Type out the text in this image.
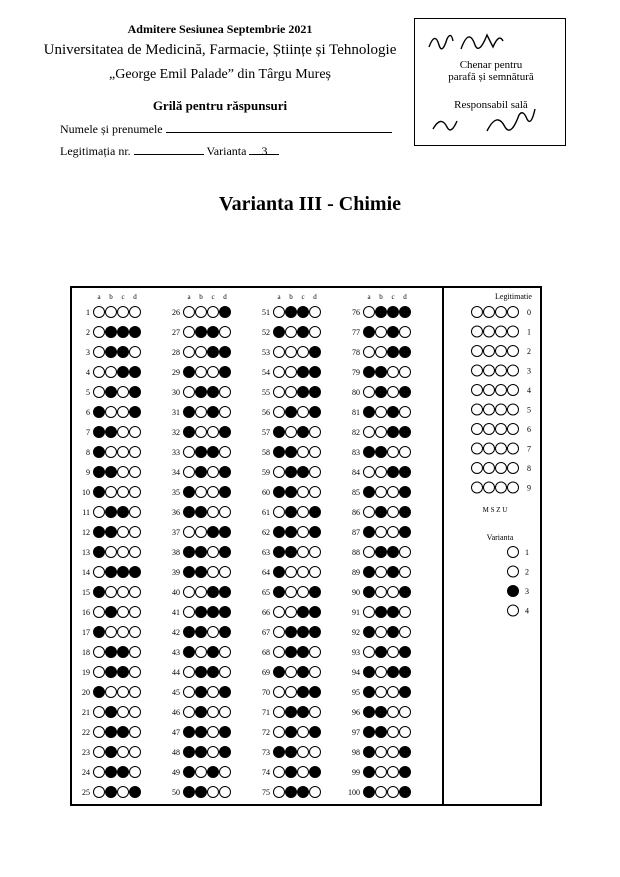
Admitere Sesiunea Septembrie 2021
Universitatea de Medicină, Farmacie, Științe și Tehnologie
„George Emil Palade” din Târgu Mureș
Grilă pentru răspunsuri
Numele și prenumele
Legitimația nr.	Varianta 3
Chenar pentru
parafă și semnătură
Responsabil sală
Varianta III - Chimie
a b c d
1
2
3
4
5
6
7
8
9
10
11
12
13
14
15
16
17
18
19
20
21
22
23
24
25
a b c d
26
27
28
29
30
31
32
33
34
35
36
37
38
39
40
41
42
43
44
45
46
47
48
49
50
a b c d
51
52
53
54
55
56
57
58
59
60
61
62
63
64
65
66
67
68
69
70
71
72
73
74
75
a b c d
76
77
78
79
80
81
82
83
84
85
86
87
88
89
90
91
92
93
94
95
96
97
98
99
100
Legitimatie
0
1
2
3
4
5
6
7
8
9
M S Z U
Varianta
1
2
3
4
